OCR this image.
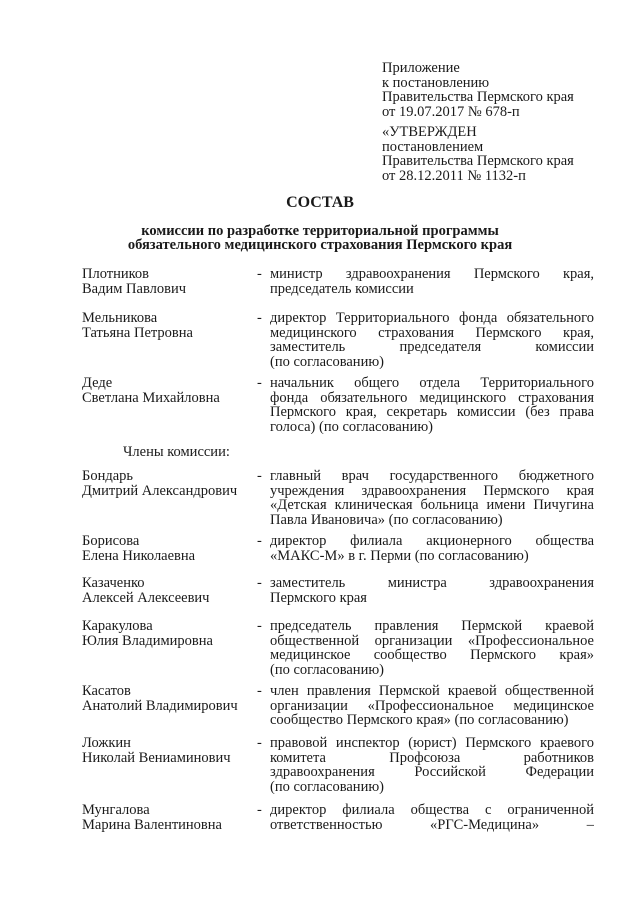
Приложение
к постановлению
Правительства Пермского края
от 19.07.2017 № 678-п
«УТВЕРЖДЕН
постановлением
Правительства Пермского края
от 28.12.2011 № 1132-п
СОСТАВ
комиссии по разработке территориальной программы
обязательного медицинского страхования Пермского края
Плотников
Вадим Павлович
- министр здравоохранения Пермского края,
председатель комиссии
Мельникова
Татьяна Петровна
- директор Территориального фонда обязательного
медицинского страхования Пермского края,
заместитель председателя комиссии
(по согласованию)
Деде
Светлана Михайловна
- начальник общего отдела Территориального
фонда обязательного медицинского страхования
Пермского края, секретарь комиссии (без права
голоса) (по согласованию)
Члены комиссии:
Бондарь
Дмитрий Александрович
- главный врач государственного бюджетного
учреждения здравоохранения Пермского края
«Детская клиническая больница имени Пичугина
Павла Ивановича» (по согласованию)
Борисова
Елена Николаевна
- директор филиала акционерного общества
«МАКС-М» в г. Перми (по согласованию)
Казаченко
Алексей Алексеевич
- заместитель министра здравоохранения
Пермского края
Каракулова
Юлия Владимировна
- председатель правления Пермской краевой
общественной организации «Профессиональное
медицинское сообщество Пермского края»
(по согласованию)
Касатов
Анатолий Владимирович
- член правления Пермской краевой общественной
организации «Профессиональное медицинское
сообщество Пермского края» (по согласованию)
Ложкин
Николай Вениаминович
- правовой инспектор (юрист) Пермского краевого
комитета Профсоюза работников
здравоохранения Российской Федерации
(по согласованию)
Мунгалова
Марина Валентиновна
- директор филиала общества с ограниченной
ответственностью «РГС-Медицина» –
